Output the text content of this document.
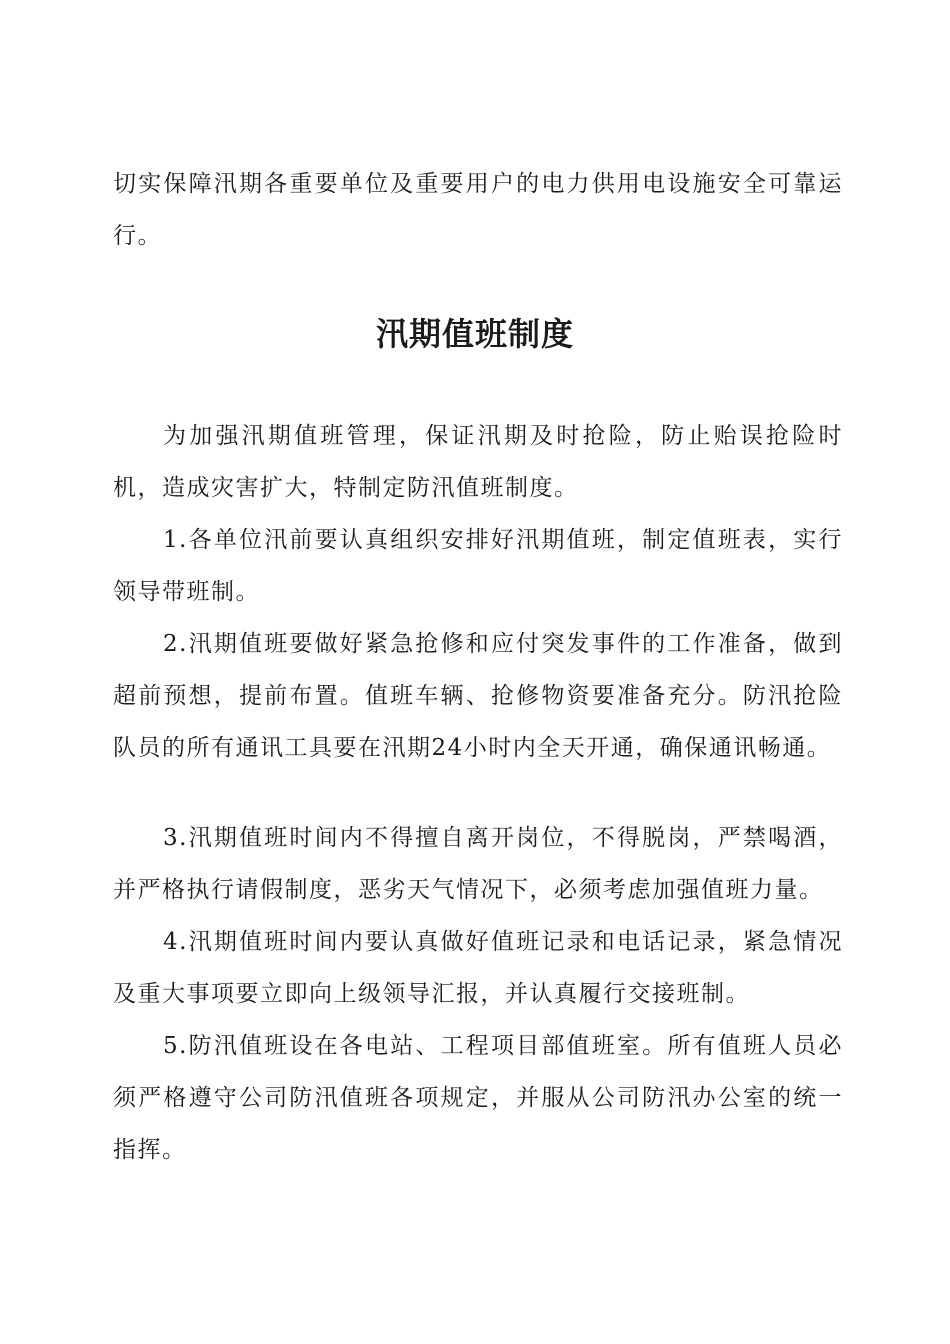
切实保障汛期各重要单位及重要用户的电力供用电设施安全可靠运行。

汛期值班制度

为加强汛期值班管理，保证汛期及时抢险，防止贻误抢险时机，造成灾害扩大，特制定防汛值班制度。

1.各单位汛前要认真组织安排好汛期值班，制定值班表，实行领导带班制。

2.汛期值班要做好紧急抢修和应付突发事件的工作准备，做到超前预想，提前布置。值班车辆、抢修物资要准备充分。防汛抢险队员的所有通讯工具要在汛期24小时内全天开通，确保通讯畅通。

3.汛期值班时间内不得擅自离开岗位，不得脱岗，严禁喝酒，并严格执行请假制度，恶劣天气情况下，必须考虑加强值班力量。

4.汛期值班时间内要认真做好值班记录和电话记录，紧急情况及重大事项要立即向上级领导汇报，并认真履行交接班制。

5.防汛值班设在各电站、工程项目部值班室。所有值班人员必须严格遵守公司防汛值班各项规定，并服从公司防汛办公室的统一指挥。
